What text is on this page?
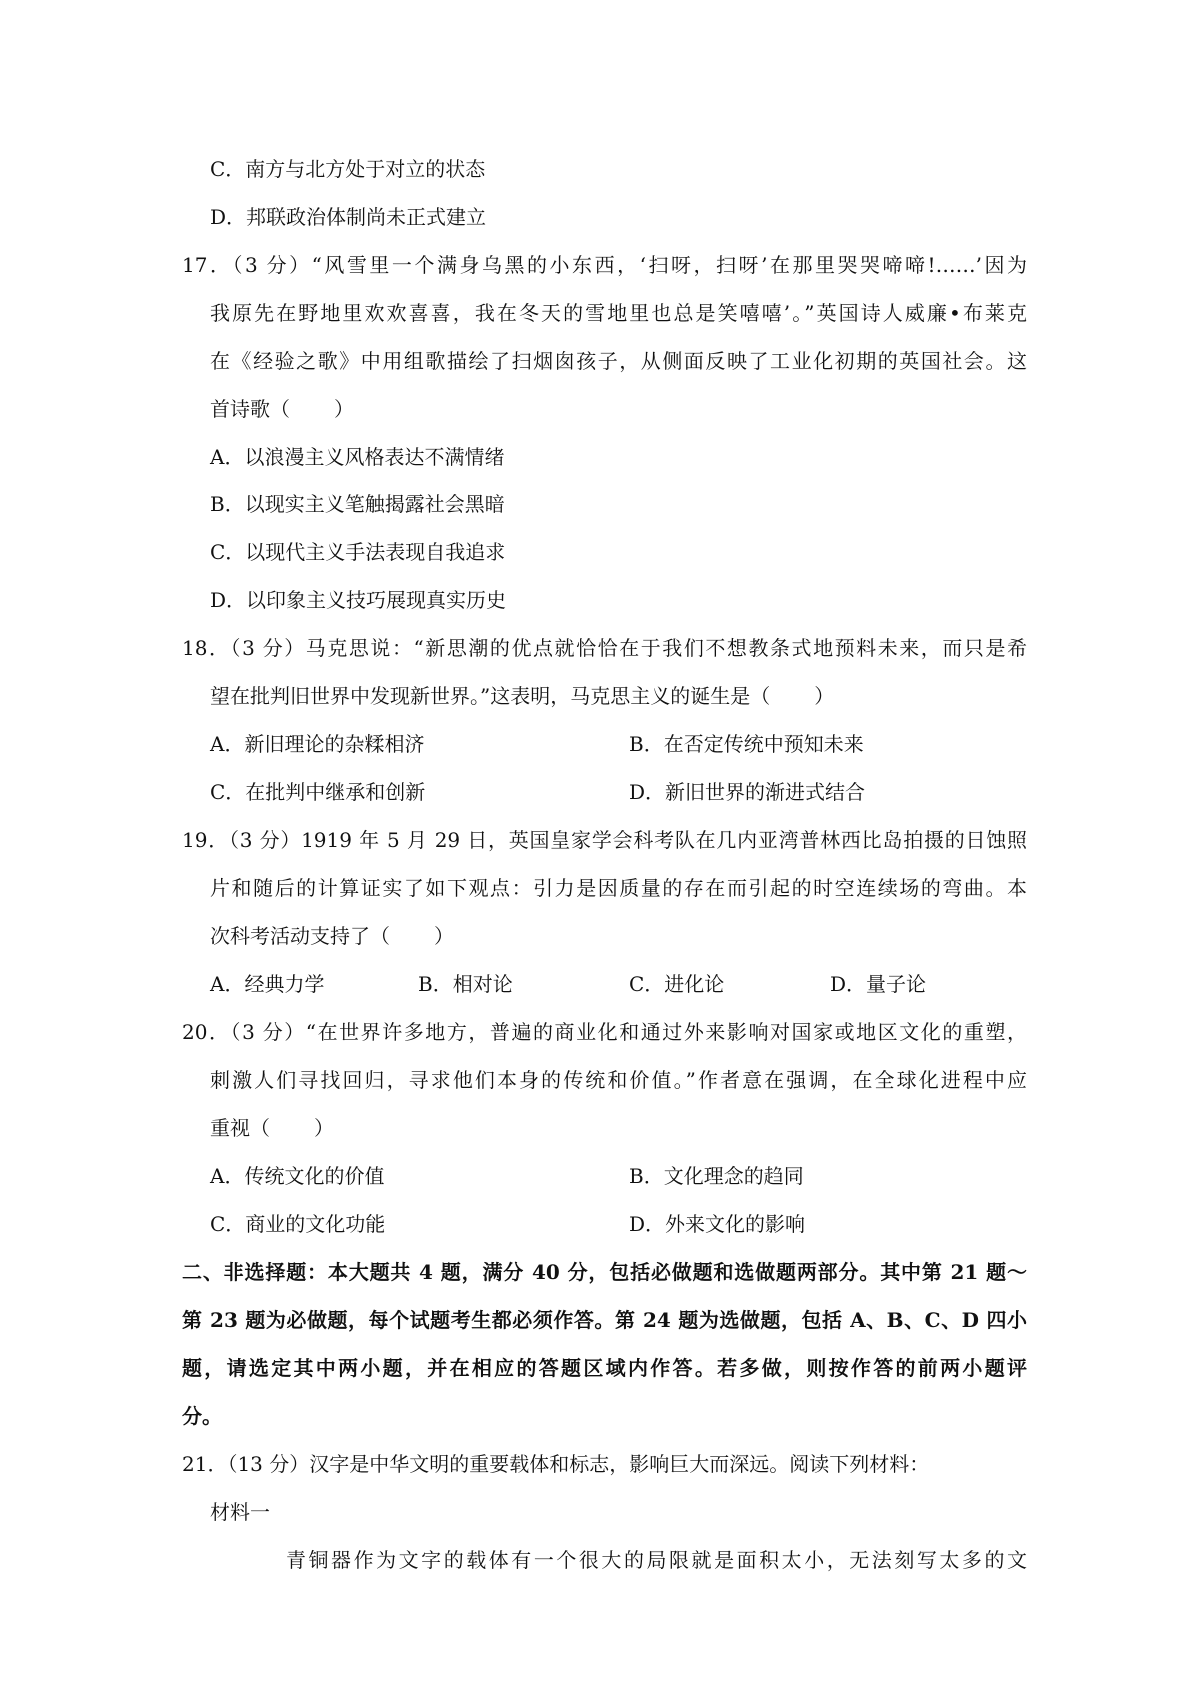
C．南方与北方处于对立的状态
D．邦联政治体制尚未正式建立
17．（3 分）“风雪里一个满身乌黑的小东西，‘扫呀，扫呀’在那里哭哭啼啼!……’因为
我原先在野地里欢欢喜喜，我在冬天的雪地里也总是笑嘻嘻’。”英国诗人威廉•布莱克
在《经验之歌》中用组歌描绘了扫烟囱孩子，从侧面反映了工业化初期的英国社会。这
首诗歌（ ）
A．以浪漫主义风格表达不满情绪
B．以现实主义笔触揭露社会黑暗
C．以现代主义手法表现自我追求
D．以印象主义技巧展现真实历史
18．（3 分）马克思说：“新思潮的优点就恰恰在于我们不想教条式地预料未来，而只是希
望在批判旧世界中发现新世界。”这表明，马克思主义的诞生是（ ）
A．新旧理论的杂糅相济	B．在否定传统中预知未来
C．在批判中继承和创新	D．新旧世界的渐进式结合
19．（3 分）1919 年 5 月 29 日，英国皇家学会科考队在几内亚湾普林西比岛拍摄的日蚀照
片和随后的计算证实了如下观点：引力是因质量的存在而引起的时空连续场的弯曲。本
次科考活动支持了（ ）
A．经典力学	B．相对论	C．进化论	D．量子论
20．（3 分）“在世界许多地方，普遍的商业化和通过外来影响对国家或地区文化的重塑，
刺激人们寻找回归，寻求他们本身的传统和价值。”作者意在强调，在全球化进程中应
重视（ ）
A．传统文化的价值	B．文化理念的趋同
C．商业的文化功能	D．外来文化的影响
二、非选择题：本大题共 4 题，满分 40 分，包括必做题和选做题两部分。其中第 21 题～
第 23 题为必做题，每个试题考生都必须作答。第 24 题为选做题，包括 A、B、C、D 四小
题，请选定其中两小题，并在相应的答题区域内作答。若多做，则按作答的前两小题评
分。
21．（13 分）汉字是中华文明的重要载体和标志，影响巨大而深远。阅读下列材料：
材料一
青铜器作为文字的载体有一个很大的局限就是面积太小，无法刻写太多的文
